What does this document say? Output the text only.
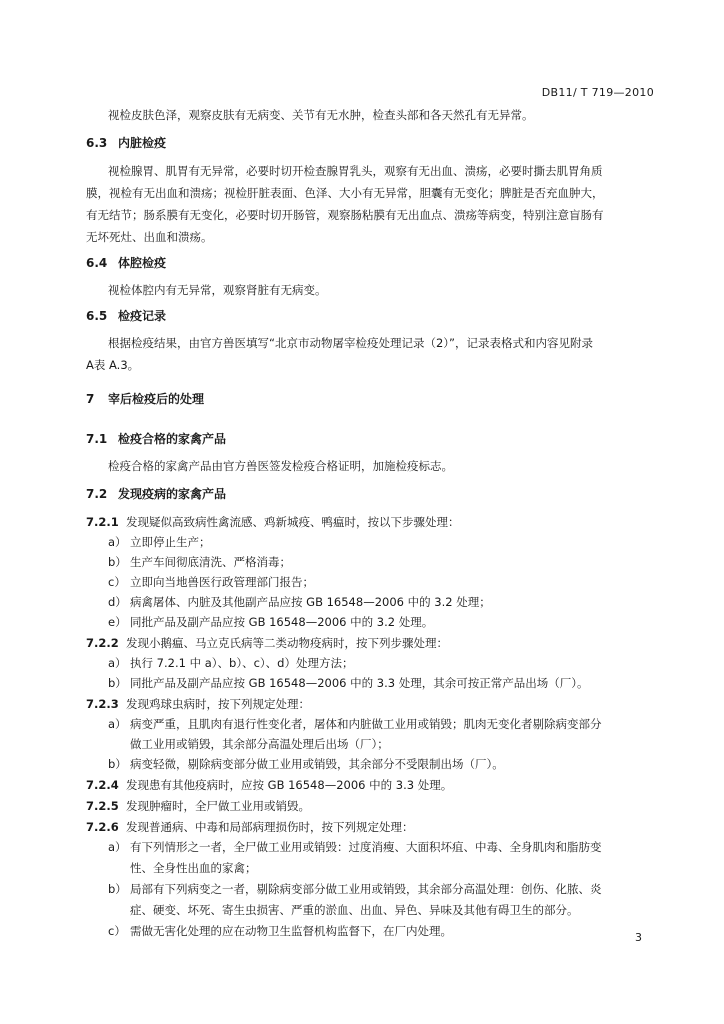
DB11/ T 719—2010
视检皮肤色泽，观察皮肤有无病变、关节有无水肿，检查头部和各天然孔有无异常。
6.3 内脏检疫
视检腺胃、肌胃有无异常，必要时切开检查腺胃乳头，观察有无出血、溃疡，必要时撕去肌胃角质
膜，视检有无出血和溃疡；视检肝脏表面、色泽、大小有无异常，胆囊有无变化；脾脏是否充血肿大，
有无结节；肠系膜有无变化，必要时切开肠管，观察肠粘膜有无出血点、溃疡等病变，特别注意盲肠有
无坏死灶、出血和溃疡。
6.4 体腔检疫
视检体腔内有无异常，观察肾脏有无病变。
6.5 检疫记录
根据检疫结果，由官方兽医填写“北京市动物屠宰检疫处理记录（2）”，记录表格式和内容见附录
A表 A.3。
7 宰后检疫后的处理
7.1 检疫合格的家禽产品
检疫合格的家禽产品由官方兽医签发检疫合格证明，加施检疫标志。
7.2 发现疫病的家禽产品
7.2.1 发现疑似高致病性禽流感、鸡新城疫、鸭瘟时，按以下步骤处理：
a） 立即停止生产；
b） 生产车间彻底清洗、严格消毒；
c） 立即向当地兽医行政管理部门报告；
d） 病禽屠体、内脏及其他副产品应按 GB 16548—2006 中的 3.2 处理；
e） 同批产品及副产品应按 GB 16548—2006 中的 3.2 处理。
7.2.2 发现小鹅瘟、马立克氏病等二类动物疫病时，按下列步骤处理：
a） 执行 7.2.1 中 a）、b）、c）、d）处理方法；
b） 同批产品及副产品应按 GB 16548—2006 中的 3.3 处理，其余可按正常产品出场（厂）。
7.2.3 发现鸡球虫病时，按下列规定处理：
a） 病变严重，且肌肉有退行性变化者，屠体和内脏做工业用或销毁；肌肉无变化者剔除病变部分
做工业用或销毁，其余部分高温处理后出场（厂）；
b） 病变轻微，剔除病变部分做工业用或销毁，其余部分不受限制出场（厂）。
7.2.4 发现患有其他疫病时，应按 GB 16548—2006 中的 3.3 处理。
7.2.5 发现肿瘤时，全尸做工业用或销毁。
7.2.6 发现普通病、中毒和局部病理损伤时，按下列规定处理：
a） 有下列情形之一者，全尸做工业用或销毁：过度消瘦、大面积坏疽、中毒、全身肌肉和脂肪变
性、全身性出血的家禽；
b） 局部有下列病变之一者，剔除病变部分做工业用或销毁，其余部分高温处理：创伤、化脓、炎
症、硬变、坏死、寄生虫损害、严重的淤血、出血、异色、异味及其他有碍卫生的部分。
c） 需做无害化处理的应在动物卫生监督机构监督下，在厂内处理。	3
